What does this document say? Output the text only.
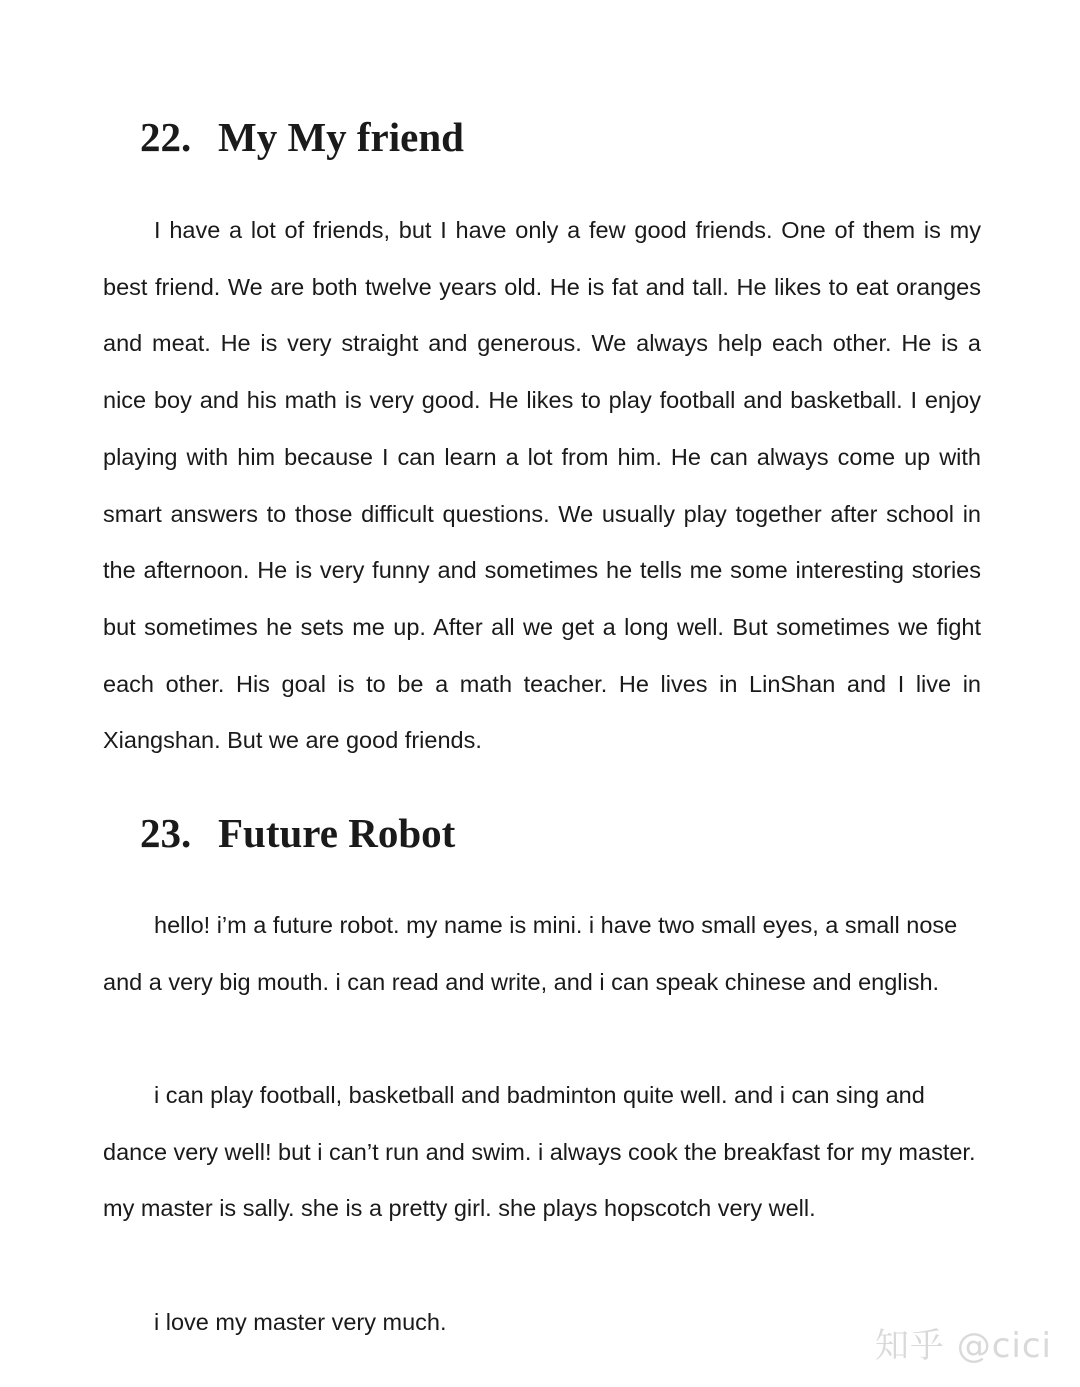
22. My My friend

I have a lot of friends, but I have only a few good friends. One of them is my best friend. We are both twelve years old. He is fat and tall. He likes to eat oranges and meat. He is very straight and generous. We always help each other. He is a nice boy and his math is very good. He likes to play football and basketball. I enjoy playing with him because I can learn a lot from him. He can always come up with smart answers to those difficult questions. We usually play together after school in the afternoon. He is very funny and sometimes he tells me some interesting stories but sometimes he sets me up. After all we get a long well. But sometimes we fight each other. His goal is to be a math teacher. He lives in LinShan and I live in Xiangshan. But we are good friends.

23. Future Robot

hello! i’m a future robot. my name is mini. i have two small eyes, a small nose and a very big mouth. i can read and write, and i can speak chinese and english.

i can play football, basketball and badminton quite well. and i can sing and dance very well! but i can’t run and swim. i always cook the breakfast for my master. my master is sally. she is a pretty girl. she plays hopscotch very well.

i love my master very much.

知乎 @cici
